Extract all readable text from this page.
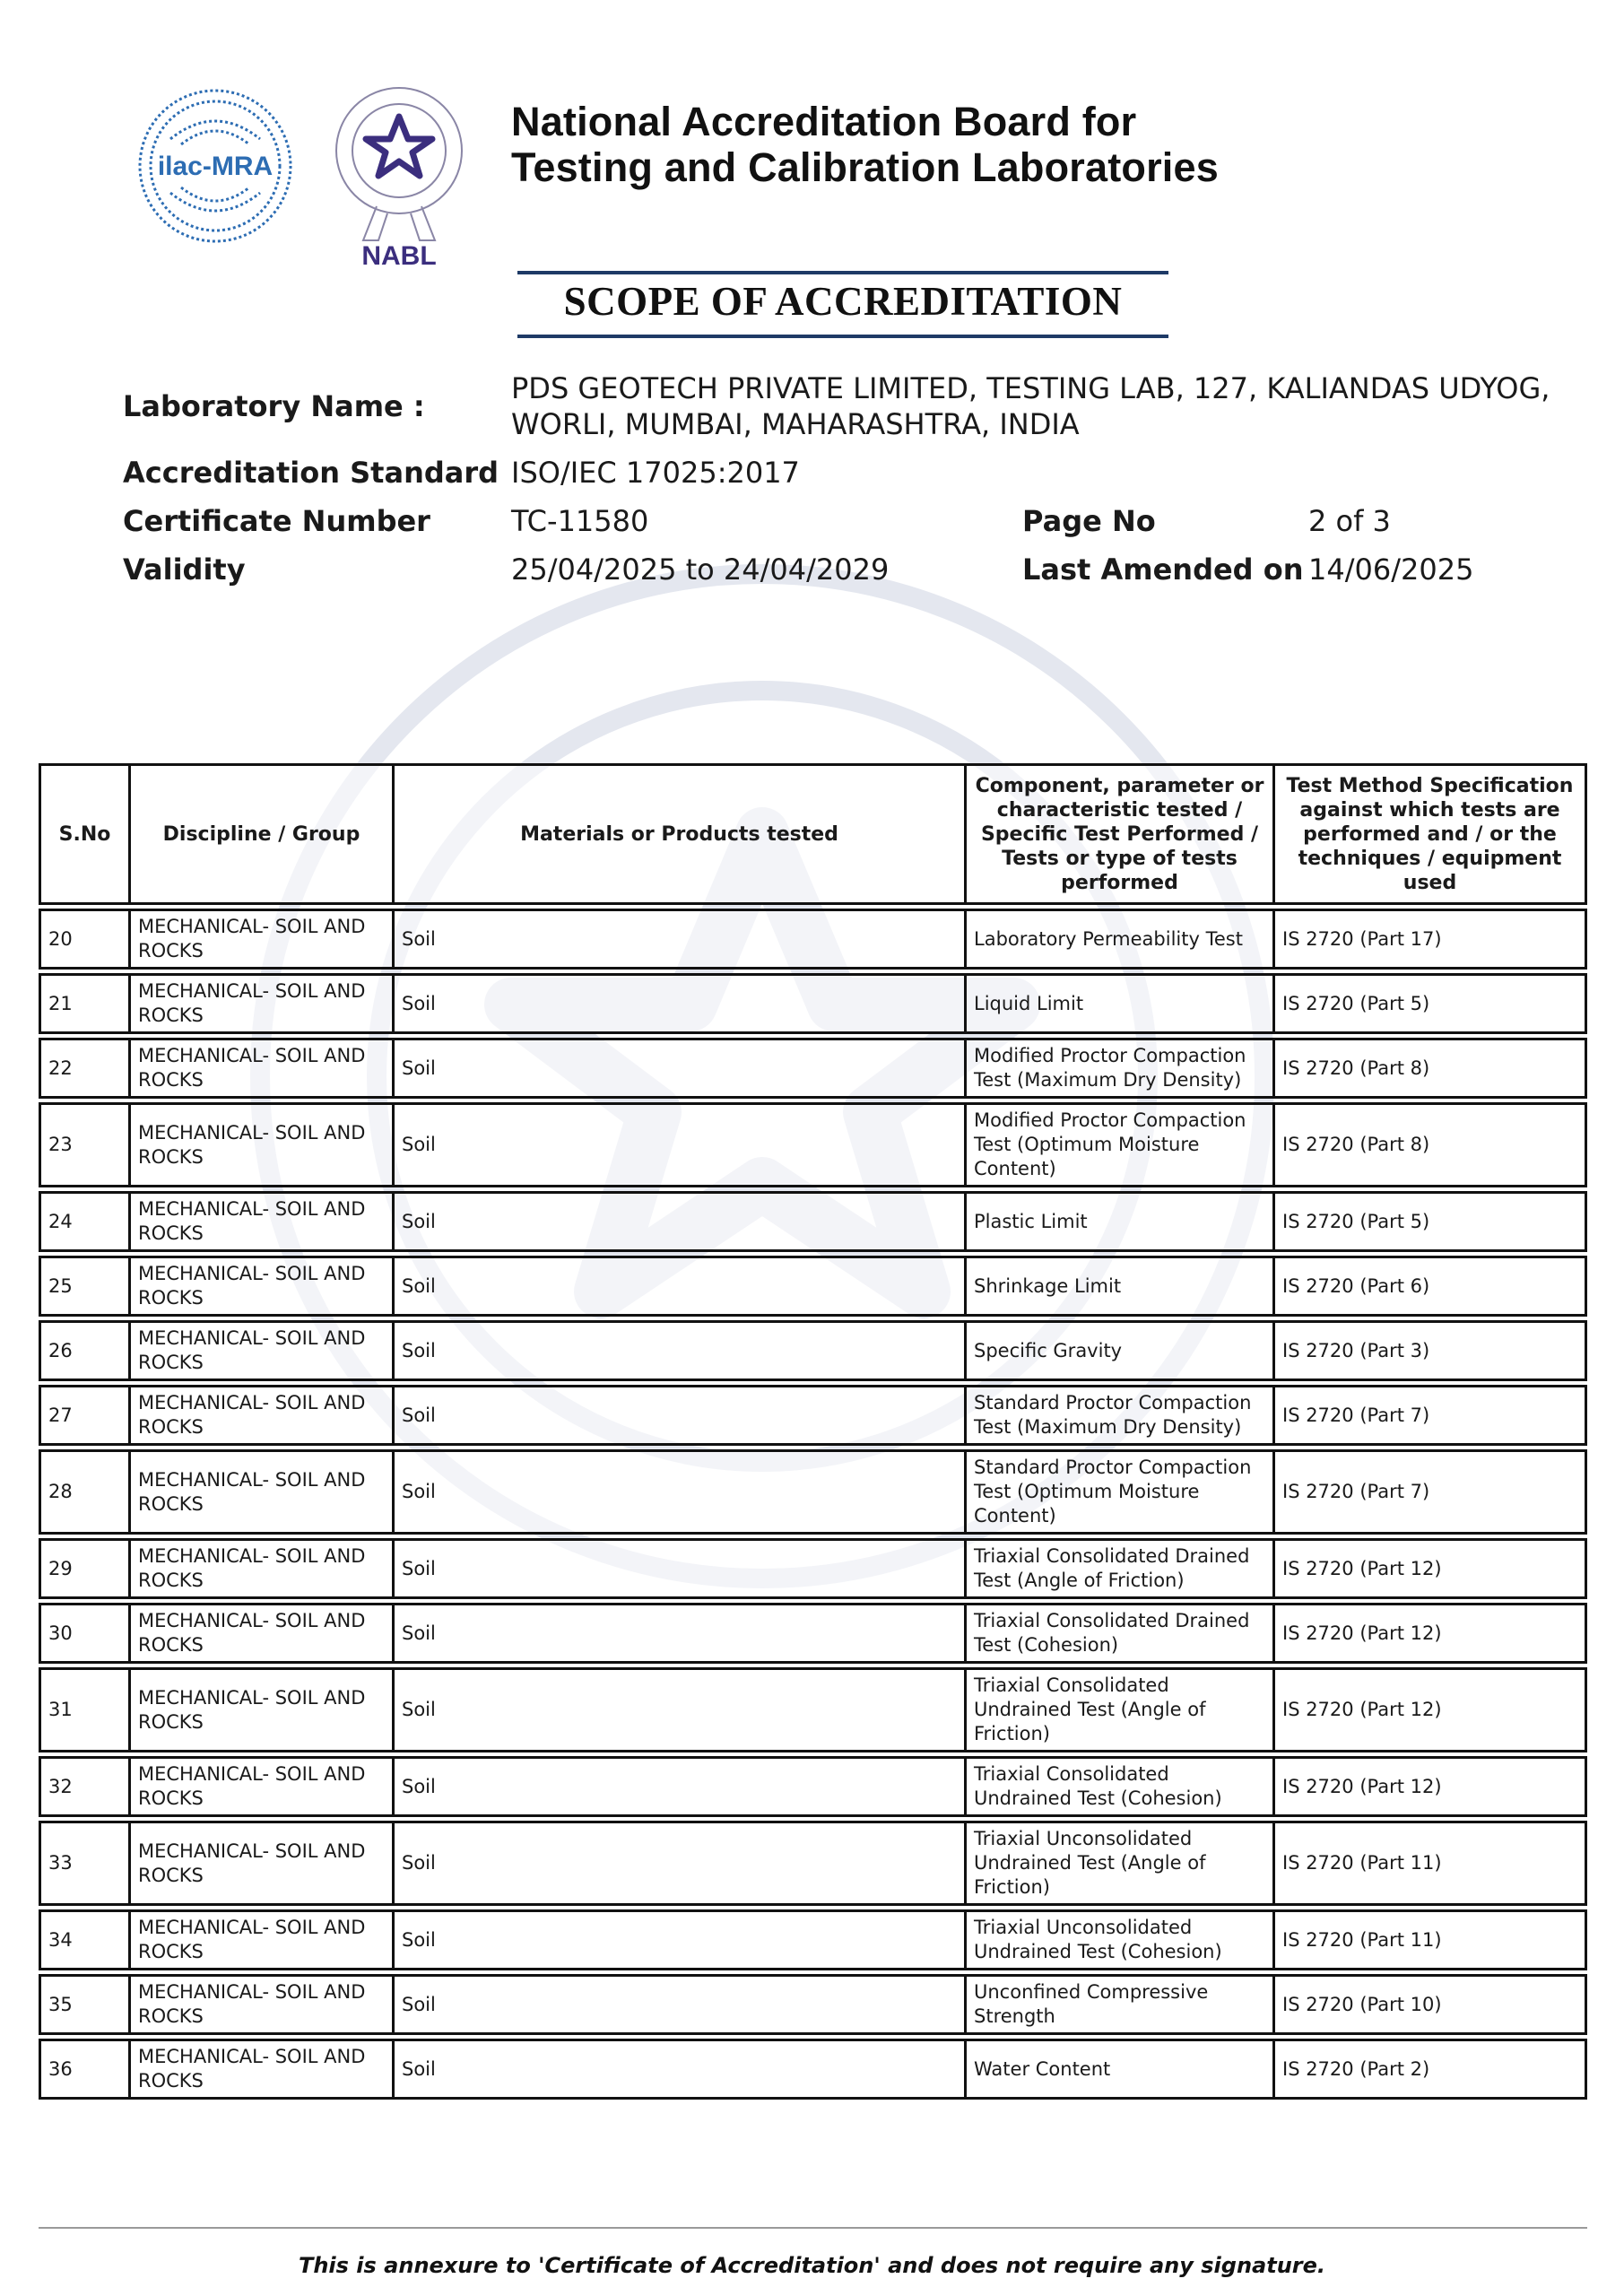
ilac-MRA
NABL
National Accreditation Board for
Testing and Calibration Laboratories
SCOPE OF ACCREDITATION
Laboratory Name :
PDS GEOTECH PRIVATE LIMITED, TESTING LAB, 127, KALIANDAS UDYOG,
WORLI, MUMBAI, MAHARASHTRA, INDIA
Accreditation Standard ISO/IEC 17025:2017
Certificate Number	TC-11580	Page No	2 of 3
Validity	25/04/2025 to 24/04/2029	Last Amended on 14/06/2025
S.No	Discipline / Group	Materials or Products tested	Component, parameter or characteristic tested / Specific Test Performed / Tests or type of tests performed	Test Method Specification against which tests are performed and / or the techniques / equipment used
20	MECHANICAL- SOIL AND ROCKS	Soil	Laboratory Permeability Test	IS 2720 (Part 17)
21	MECHANICAL- SOIL AND ROCKS	Soil	Liquid Limit	IS 2720 (Part 5)
22	MECHANICAL- SOIL AND ROCKS	Soil	Modified Proctor Compaction Test (Maximum Dry Density)	IS 2720 (Part 8)
23	MECHANICAL- SOIL AND ROCKS	Soil	Modified Proctor Compaction Test (Optimum Moisture Content)	IS 2720 (Part 8)
24	MECHANICAL- SOIL AND ROCKS	Soil	Plastic Limit	IS 2720 (Part 5)
25	MECHANICAL- SOIL AND ROCKS	Soil	Shrinkage Limit	IS 2720 (Part 6)
26	MECHANICAL- SOIL AND ROCKS	Soil	Specific Gravity	IS 2720 (Part 3)
27	MECHANICAL- SOIL AND ROCKS	Soil	Standard Proctor Compaction Test (Maximum Dry Density)	IS 2720 (Part 7)
28	MECHANICAL- SOIL AND ROCKS	Soil	Standard Proctor Compaction Test (Optimum Moisture Content)	IS 2720 (Part 7)
29	MECHANICAL- SOIL AND ROCKS	Soil	Triaxial Consolidated Drained Test (Angle of Friction)	IS 2720 (Part 12)
30	MECHANICAL- SOIL AND ROCKS	Soil	Triaxial Consolidated Drained Test (Cohesion)	IS 2720 (Part 12)
31	MECHANICAL- SOIL AND ROCKS	Soil	Triaxial Consolidated Undrained Test (Angle of Friction)	IS 2720 (Part 12)
32	MECHANICAL- SOIL AND ROCKS	Soil	Triaxial Consolidated Undrained Test (Cohesion)	IS 2720 (Part 12)
33	MECHANICAL- SOIL AND ROCKS	Soil	Triaxial Unconsolidated Undrained Test (Angle of Friction)	IS 2720 (Part 11)
34	MECHANICAL- SOIL AND ROCKS	Soil	Triaxial Unconsolidated Undrained Test (Cohesion)	IS 2720 (Part 11)
35	MECHANICAL- SOIL AND ROCKS	Soil	Unconfined Compressive Strength	IS 2720 (Part 10)
36	MECHANICAL- SOIL AND ROCKS	Soil	Water Content	IS 2720 (Part 2)
This is annexure to 'Certificate of Accreditation' and does not require any signature.
